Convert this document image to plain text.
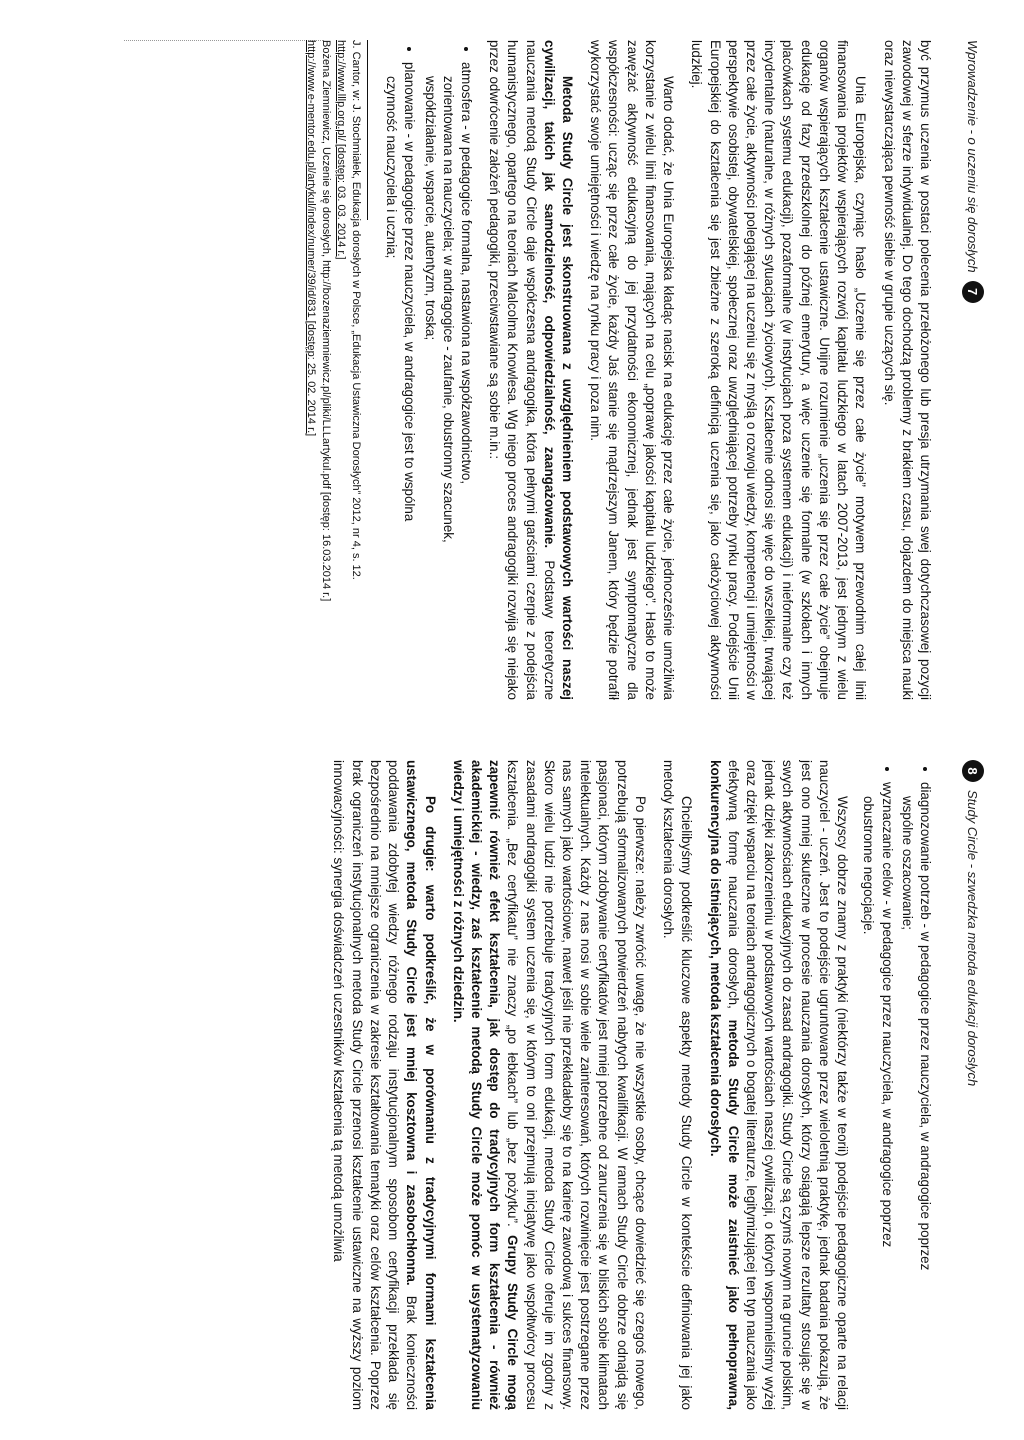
Wprowadzenie - o uczeniu się dorosłych
7

być przymus uczenia w postaci polecenia przełożonego lub presja utrzymania swej dotychczasowej pozycji zawodowej w sferze indywidualnej. Do tego dochodzą problemy z brakiem czasu, dojazdem do miejsca nauki oraz niewystarczająca pewność siebie w grupie uczących się.

Unia Europejska, czyniąc hasło „Uczenie się przez całe życie” motywem przewodnim całej linii finansowania projektów wspierających rozwój kapitału ludzkiego w latach 2007-2013, jest jednym z wielu organów wspierających kształcenie ustawiczne. Unijne rozumienie „uczenia się przez całe życie” obejmuje edukację od fazy przedszkolnej do późnej emerytury, a więc uczenie się formalne (w szkołach i innych placówkach systemu edukacji), pozaformalne (w instytucjach poza systemem edukacji) i nieformalne czy też incydentalne (naturalne, w różnych sytuacjach życiowych). Kształcenie odnosi się więc do wszelkiej, trwającej przez całe życie, aktywności polegającej na uczeniu się z myślą o rozwoju wiedzy, kompetencji i umiejętności w perspektywie osobistej, obywatelskiej, społecznej oraz uwzględniającej potrzeby rynku pracy. Podejście Unii Europejskiej do kształcenia się jest zbieżne z szeroką definicją uczenia się, jako całożyciowej aktywności ludzkiej.

Warto dodać, że Unia Europejska kładąc nacisk na edukację przez całe życie, jednocześnie umożliwia korzystanie z wielu linii finansowania, mających na celu „poprawę jakości kapitału ludzkiego”. Hasło to może zawężać aktywność edukacyjną do jej przydatności ekonomicznej, jednak jest symptomatyczne dla współczesności: ucząc się przez całe życie, każdy Jaś stanie się mądrzejszym Janem, który będzie potrafił wykorzystać swoje umiejętności i wiedzę na rynku pracy i poza nim.

Metoda Study Circle jest skonstruowana z uwzględnieniem podstawowych wartości naszej cywilizacji, takich jak samodzielność, odpowiedzialność, zaangażowanie. Podstawy teoretyczne nauczania metodą Study Circle daje współczesna andragogika, która pełnymi garściami czerpie z podejścia humanistycznego, opartego na teoriach Malcolma Knowlesa. Wg niego proces andragogiki rozwija się niejako przez odwrócenie założeń pedagogiki, przeciwstawiane są sobie m.in.:

• atmosfera - w pedagogice formalna, nastawiona na współzawodnictwo,
zorientowana na nauczyciela; w andragogice - zaufanie, obustronny szacunek,
współdziałanie, wsparcie, autentyzm, troska;
• planowanie - w pedagogice przez nauczyciela, w andragogice jest to wspólna
czynność nauczyciela i ucznia;
J. Cantor, w: J. Stochmiałek, Edukacja dorosłych w Polsce, „Edukacja Ustawiczna Dorosłych” 2012, nr 4, s. 12.
http://www.lllp.org.pl/ [dostęp: 03. 03. 2014 r.]
Bożena Ziemniewicz, Uczenie się dorosłych, http://bozenaziemniewicz.pl/pliki/LLLartykul.pdf [dostęp: 16.03.2014 r.]
http://www.e-mentor.edu.pl/artykul/index/numer/39/id/831 [dostęp: 25. 02. 2014 r.]
8
Study Circle - szwedzka metoda edukacji dorosłych
• diagnozowanie potrzeb - w pedagogice przez nauczyciela, w andragogice poprzez
wspólne oszacowanie;
• wyznaczanie celów - w pedagogice przez nauczyciela, w andragogice poprzez
obustronne negocjacje.

Wszyscy dobrze znamy z praktyki (niektórzy także w teorii) podejście pedagogiczne oparte na relacji nauczyciel - uczeń. Jest to podejście ugruntowane przez wieloletnią praktykę, jednak badania pokazują, że jest ono mniej skuteczne w procesie nauczania dorosłych, którzy osiągają lepsze rezultaty stosując się w swych aktywnościach edukacyjnych do zasad andragogiki. Study Circle są czymś nowym na gruncie polskim, jednak dzięki zakorzenieniu w podstawowych wartościach naszej cywilizacji, o których wspomnieliśmy wyżej oraz dzięki wsparciu na teoriach andragogicznych o bogatej literaturze, legitymizującej ten typ nauczania jako efektywną formę nauczania dorosłych, metoda Study Circle może zaistnieć jako pełnoprawna, konkurencyjna do istniejących, metoda kształcenia dorosłych.

Chcielibyśmy podkreślić kluczowe aspekty metody Study Circle w kontekście definiowania jej jako metody kształcenia dorosłych.

Po pierwsze: należy zwrócić uwagę, że nie wszystkie osoby, chcące dowiedzieć się czegoś nowego, potrzebują sformalizowanych potwierdzeń nabytych kwalifikacji. W ramach Study Circle dobrze odnajdą się pasjonaci, którym zdobywanie certyfikatów jest mniej potrzebne od zanurzenia się w bliskich sobie klimatach intelektualnych. Każdy z nas nosi w sobie wiele zainteresowań, których rozwinięcie jest postrzegane przez nas samych jako wartościowe, nawet jeśli nie przekładałoby się to na karierę zawodową i sukces finansowy. Skoro wielu ludzi nie potrzebuje tradycyjnych form edukacji, metoda Study Circle oferuje im zgodny z zasadami andragogiki system uczenia się, w którym to oni przejmują inicjatywę jako współtwórcy procesu kształcenia. „Bez certyfikatu” nie znaczy „po łebkach” lub „bez pożytku”. Grupy Study Circle mogą zapewnić również efekt kształcenia, jak dostęp do tradycyjnych form kształcenia - również akademickiej - wiedzy, zaś kształcenie metodą Study Circle może pomóc w usystematyzowaniu wiedzy i umiejętności z różnych dziedzin.

Po drugie: warto podkreślić, że w porównaniu z tradycyjnymi formami kształcenia ustawicznego, metoda Study Circle jest mniej kosztowna i zasobochłonna. Brak konieczności poddawania zdobytej wiedzy różnego rodzaju instytucjonalnym sposobom certyfikacji przekłada się bezpośrednio na mniejsze ograniczenia w zakresie kształtowania tematyki oraz celów kształcenia. Poprzez brak ograniczeń instytucjonalnych metoda Study Circle przenosi kształcenie ustawiczne na wyższy poziom innowacyjności: synergia doświadczeń uczestników kształcenia tą metodą umożliwia
